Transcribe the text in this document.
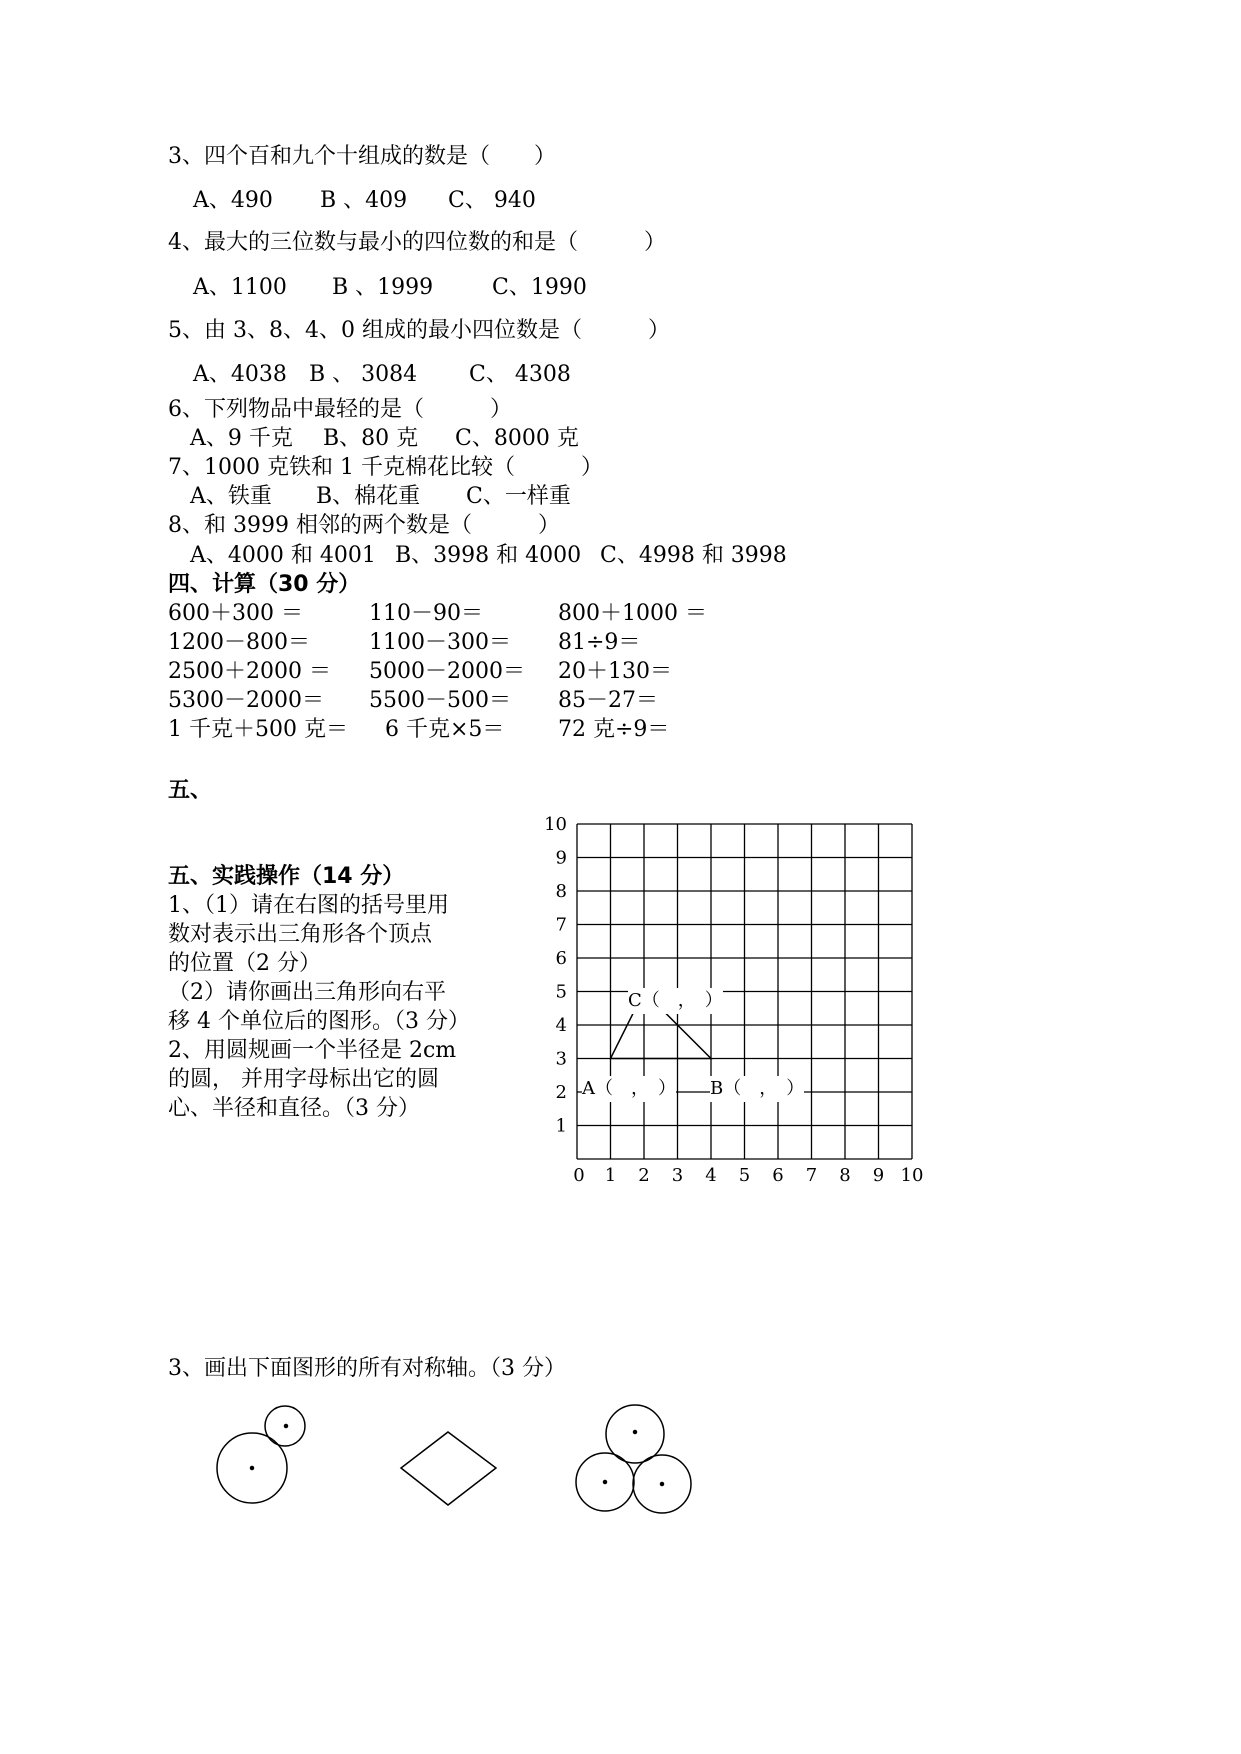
3、四个百和九个十组成的数是（　　）
A、490 B 、409 C、 940
4、最大的三位数与最小的四位数的和是（　　　）
A、1100 B 、1999	C、1990
5、由 3、8、4、0 组成的最小四位数是（　　　）
A、4038 B 、 3084 C、 4308
6、下列物品中最轻的是（　　　）
A、9 千克 B、80 克 C、8000 克
7、1000 克铁和 1 千克棉花比较（　　　）
A、铁重 B、棉花重 C、一样重
8、和 3999 相邻的两个数是（　　　）
A、4000 和 4001 B、3998 和 4000 C、4998 和 3998
四、计算（30 分）
600＋300 ＝	110－90＝	800＋1000 ＝
1200－800＝	1100－300＝ 81÷9＝
2500＋2000 ＝ 5000－2000＝ 20＋130＝
5300－2000＝ 5500－500＝ 85－27＝
1 千克＋500 克＝ 6 千克×5＝ 72 克÷9＝
五、
五、实践操作（14 分）
1、（1）请在右图的括号里用
数对表示出三角形各个顶点
的位置（2 分）
（2）请你画出三角形向右平
移 4 个单位后的图形。（3 分）
2、用圆规画一个半径是 2cm
的圆， 并用字母标出它的圆
心、半径和直径。（3 分）
0 1 2 3 4 5 6 7 8 9 10
1
2
3
4
5
6
7
8
9
10
C（　，　）
A（　，　） B（　，　）
3、画出下面图形的所有对称轴。（3 分）
